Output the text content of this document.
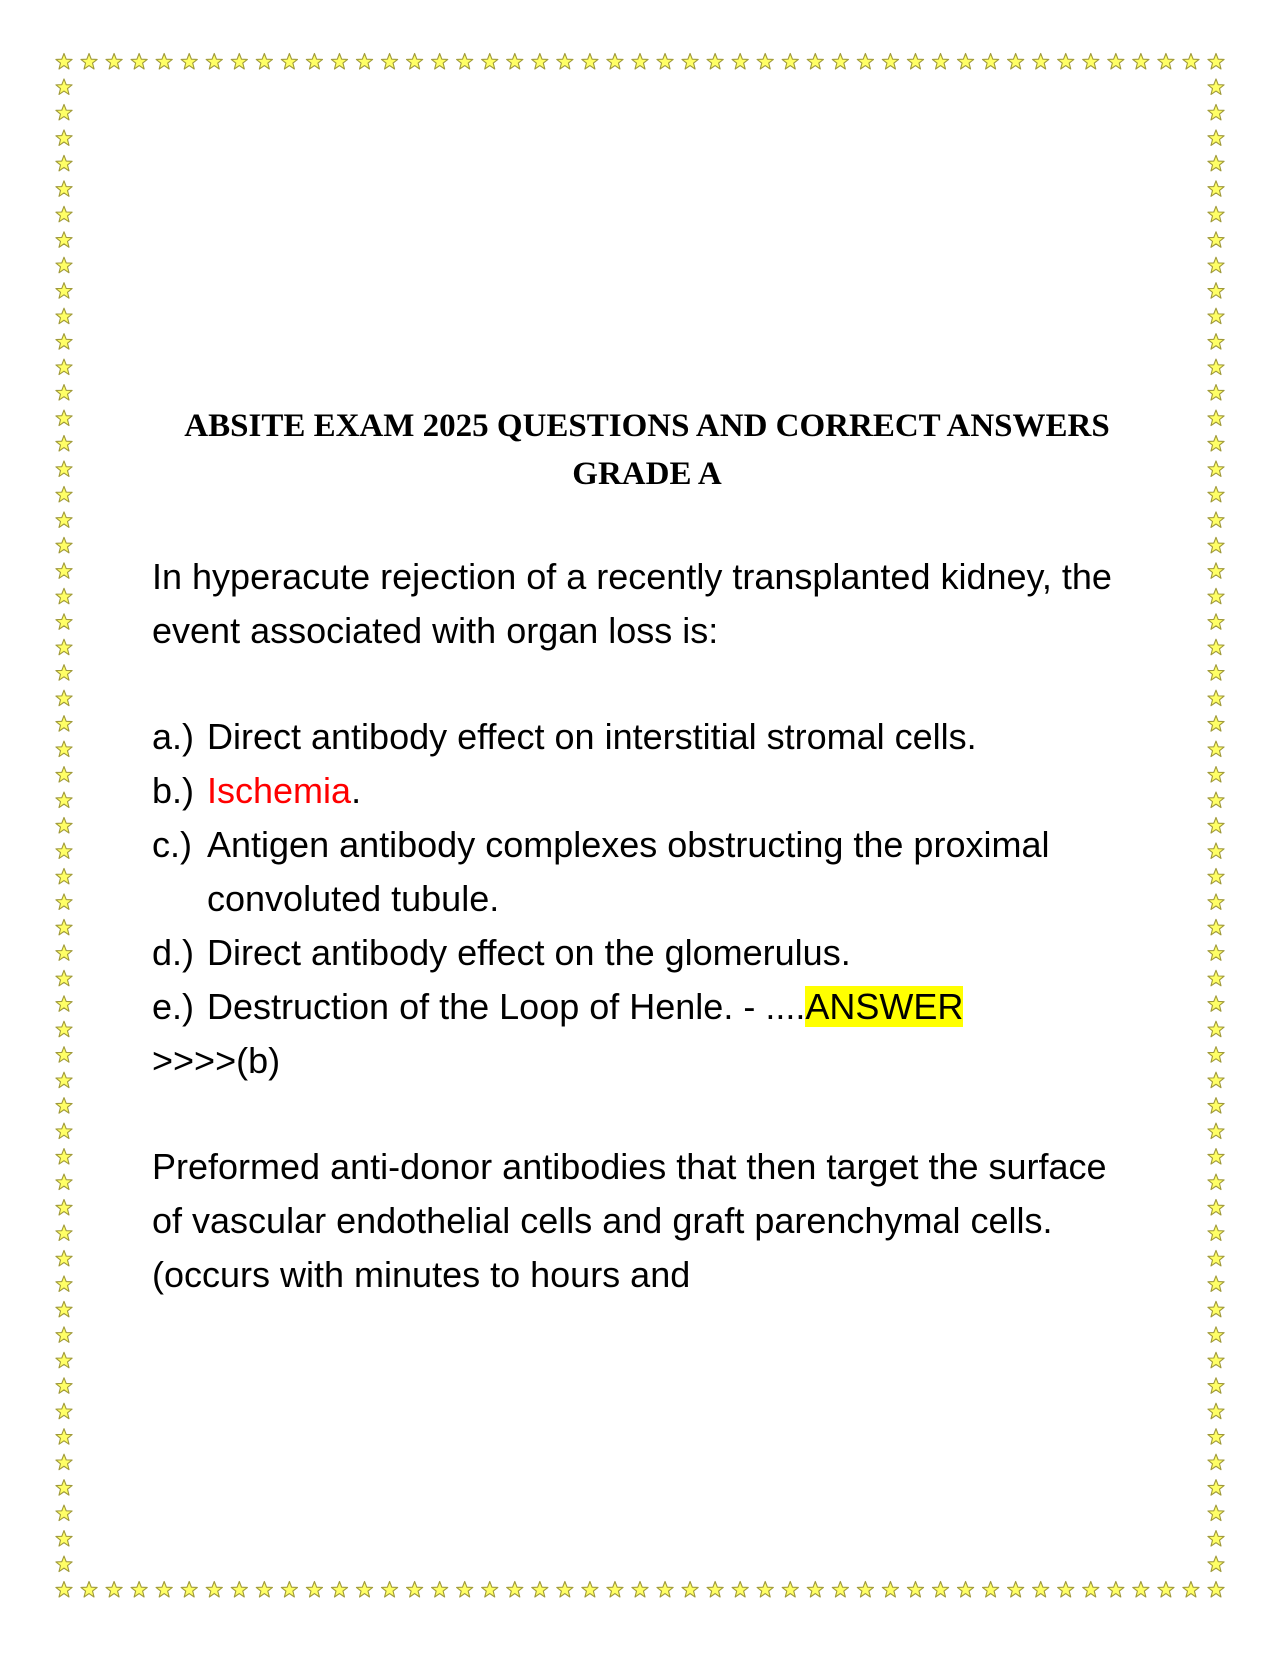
ABSITE EXAM 2025 QUESTIONS AND CORRECT ANSWERS
GRADE A

In hyperacute rejection of a recently transplanted kidney, the event associated with organ loss is:

a.) Direct antibody effect on interstitial stromal cells.
b.) Ischemia.
c.) Antigen antibody complexes obstructing the proximal convoluted tubule.
d.) Direct antibody effect on the glomerulus.
e.) Destruction of the Loop of Henle. - ....ANSWER

>>>>(b)

Preformed anti-donor antibodies that then target the surface of vascular endothelial cells and graft parenchymal cells. (occurs with minutes to hours and
